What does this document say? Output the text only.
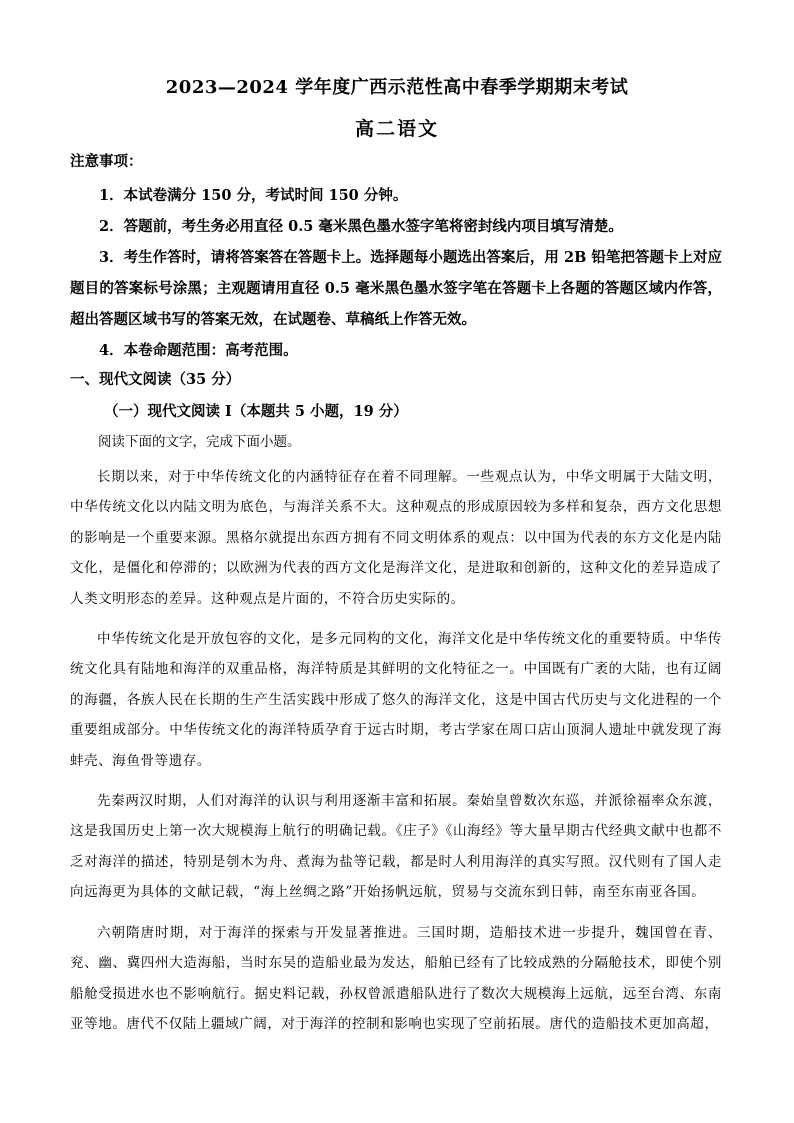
2023—2024 学年度广西示范性高中春季学期期末考试
高二语文
注意事项：

1．本试卷满分 150 分，考试时间 150 分钟。

2．答题前，考生务必用直径 0.5 毫米黑色墨水签字笔将密封线内项目填写清楚。

3．考生作答时，请将答案答在答题卡上。选择题每小题选出答案后，用 2B 铅笔把答题卡上对应题目的答案标号涂黑；主观题请用直径 0.5 毫米黑色墨水签字笔在答题卡上各题的答题区域内作答，超出答题区域书写的答案无效，在试题卷、草稿纸上作答无效。

4．本卷命题范围：高考范围。

一、现代文阅读（35 分）
（一）现代文阅读 I（本题共 5 小题，19 分）
阅读下面的文字，完成下面小题。

长期以来，对于中华传统文化的内涵特征存在着不同理解。一些观点认为，中华文明属于大陆文明，中华传统文化以内陆文明为底色，与海洋关系不大。这种观点的形成原因较为多样和复杂，西方文化思想的影响是一个重要来源。黑格尔就提出东西方拥有不同文明体系的观点：以中国为代表的东方文化是内陆文化，是僵化和停滞的；以欧洲为代表的西方文化是海洋文化，是进取和创新的，这种文化的差异造成了人类文明形态的差异。这种观点是片面的，不符合历史实际的。

中华传统文化是开放包容的文化，是多元同构的文化，海洋文化是中华传统文化的重要特质。中华传统文化具有陆地和海洋的双重品格，海洋特质是其鲜明的文化特征之一。中国既有广袤的大陆，也有辽阔的海疆，各族人民在长期的生产生活实践中形成了悠久的海洋文化，这是中国古代历史与文化进程的一个重要组成部分。中华传统文化的海洋特质孕育于远古时期，考古学家在周口店山顶洞人遗址中就发现了海蚌壳、海鱼骨等遗存。

先秦两汉时期，人们对海洋的认识与利用逐渐丰富和拓展。秦始皇曾数次东巡，并派徐福率众东渡，这是我国历史上第一次大规模海上航行的明确记载。《庄子》《山海经》等大量早期古代经典文献中也都不乏对海洋的描述，特别是刳木为舟、煮海为盐等记载，都是时人利用海洋的真实写照。汉代则有了国人走向远海更为具体的文献记载，“海上丝绸之路”开始扬帆远航，贸易与交流东到日韩，南至东南亚各国。

六朝隋唐时期，对于海洋的探索与开发显著推进。三国时期，造船技术进一步提升，魏国曾在青、兖、幽、冀四州大造海船，当时东吴的造船业最为发达，船舶已经有了比较成熟的分隔舱技术，即使个别船舱受损进水也不影响航行。据史料记载，孙权曾派遣船队进行了数次大规模海上远航，远至台湾、东南亚等地。唐代不仅陆上疆域广阔，对于海洋的控制和影响也实现了空前拓展。唐代的造船技术更加高超，
